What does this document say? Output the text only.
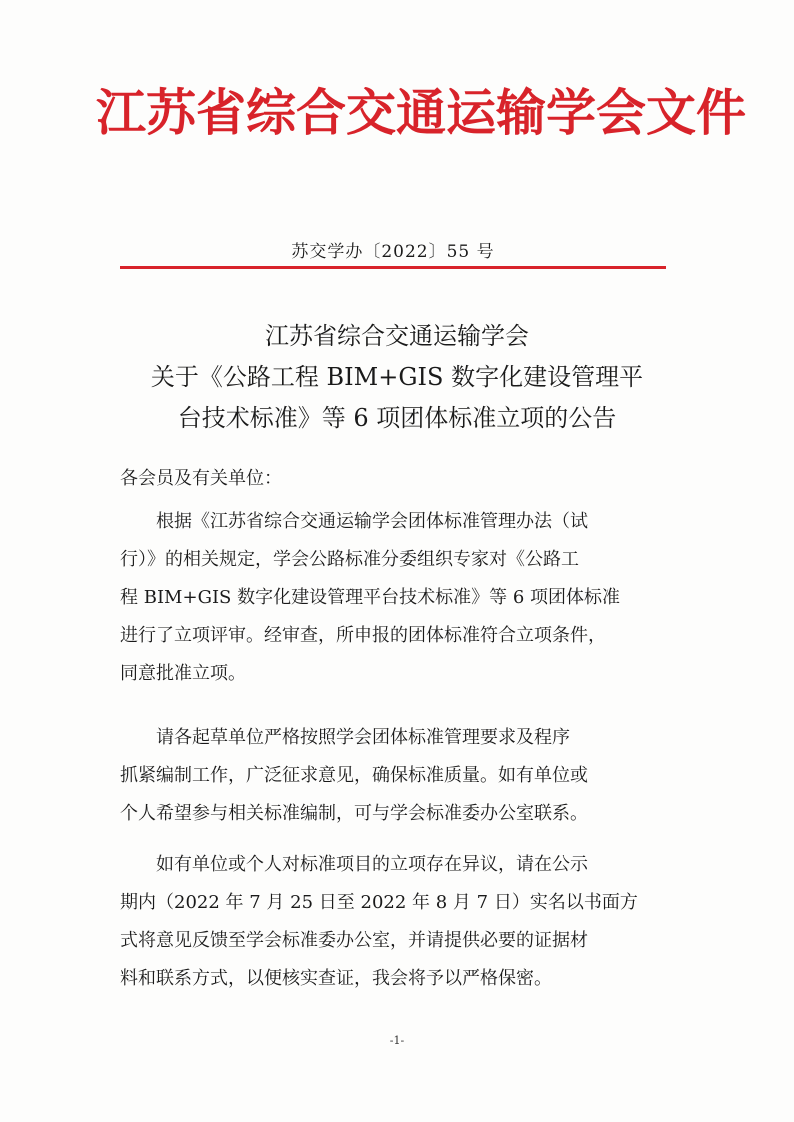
江苏省综合交通运输学会文件
苏交学办〔2022〕55 号
江苏省综合交通运输学会
关于《公路工程 BIM+GIS 数字化建设管理平
台技术标准》等 6 项团体标准立项的公告
各会员及有关单位：
根据《江苏省综合交通运输学会团体标准管理办法（试
行）》的相关规定，学会公路标准分委组织专家对《公路工
程 BIM+GIS 数字化建设管理平台技术标准》等 6 项团体标准
进行了立项评审。经审查，所申报的团体标准符合立项条件，
同意批准立项。
请各起草单位严格按照学会团体标准管理要求及程序
抓紧编制工作，广泛征求意见，确保标准质量。如有单位或
个人希望参与相关标准编制，可与学会标准委办公室联系。
如有单位或个人对标准项目的立项存在异议，请在公示
期内（2022 年 7 月 25 日至 2022 年 8 月 7 日）实名以书面方
式将意见反馈至学会标准委办公室，并请提供必要的证据材
料和联系方式，以便核实查证，我会将予以严格保密。
-1-
